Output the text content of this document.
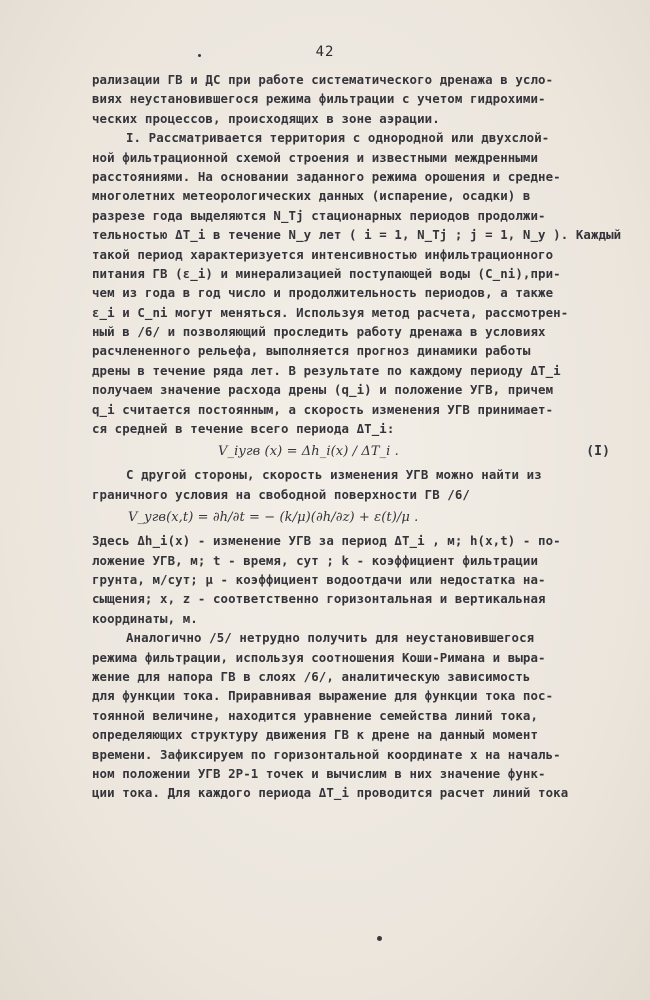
42
рализации ГВ и ДС при работе систематического дренажа в усло-
виях неустановившегося режима фильтрации с учетом гидрохими-
ческих процессов, происходящих в зоне аэрации.
I. Рассматривается территория с однородной или двухслой-
ной фильтрационной схемой строения и известными междренными
расстояниями. На основании заданного режима орошения и средне-
многолетних метеорологических данных (испарение, осадки) в
разрезе года выделяются N_Tj стационарных периодов продолжи-
тельностью ΔT_i в течение N_y лет ( i = 1, N_Tj ; j = 1, N_y ). Каждый
такой период характеризуется интенсивностью инфильтрационного
питания ГВ (ε_i) и минерализацией поступающей воды (C_ni),при-
чем из года в год число и продолжительность периодов, а также
ε_i и C_ni могут меняться. Используя метод расчета, рассмотрен-
ный в /6/ и позволяющий проследить работу дренажа в условиях
расчлененного рельефа, выполняется прогноз динамики работы
дрены в течение ряда лет. В результате по каждому периоду ΔT_i
получаем значение расхода дрены (q_i) и положение УГВ, причем
q_i считается постоянным, а скорость изменения УГВ принимает-
ся средней в течение всего периода ΔT_i:
V_iугв (x) = Δh_i(x) / ΔT_i .	(I)
С другой стороны, скорость изменения УГВ можно найти из
граничного условия на свободной поверхности ГВ /6/
V_угв(x,t) = ∂h/∂t = − (k/μ)(∂h/∂z) + ε(t)/μ .
Здесь Δh_i(x) - изменение УГВ за период ΔT_i , м; h(x,t) - по-
ложение УГВ, м; t - время, сут ; k - коэффициент фильтрации
грунта, м/сут; μ - коэффициент водоотдачи или недостатка на-
сыщения; x, z - соответственно горизонтальная и вертикальная
координаты, м.
Аналогично /5/ нетрудно получить для неустановившегося
режима фильтрации, используя соотношения Коши-Римана и выра-
жение для напора ГВ в слоях /6/, аналитическую зависимость
для функции тока. Приравнивая выражение для функции тока пос-
тоянной величине, находится уравнение семейства линий тока,
определяющих структуру движения ГВ к дрене на данный момент
времени. Зафиксируем по горизонтальной координате x на началь-
ном положении УГВ 2P-1 точек и вычислим в них значение функ-
ции тока. Для каждого периода ΔT_i проводится расчет линий тока
